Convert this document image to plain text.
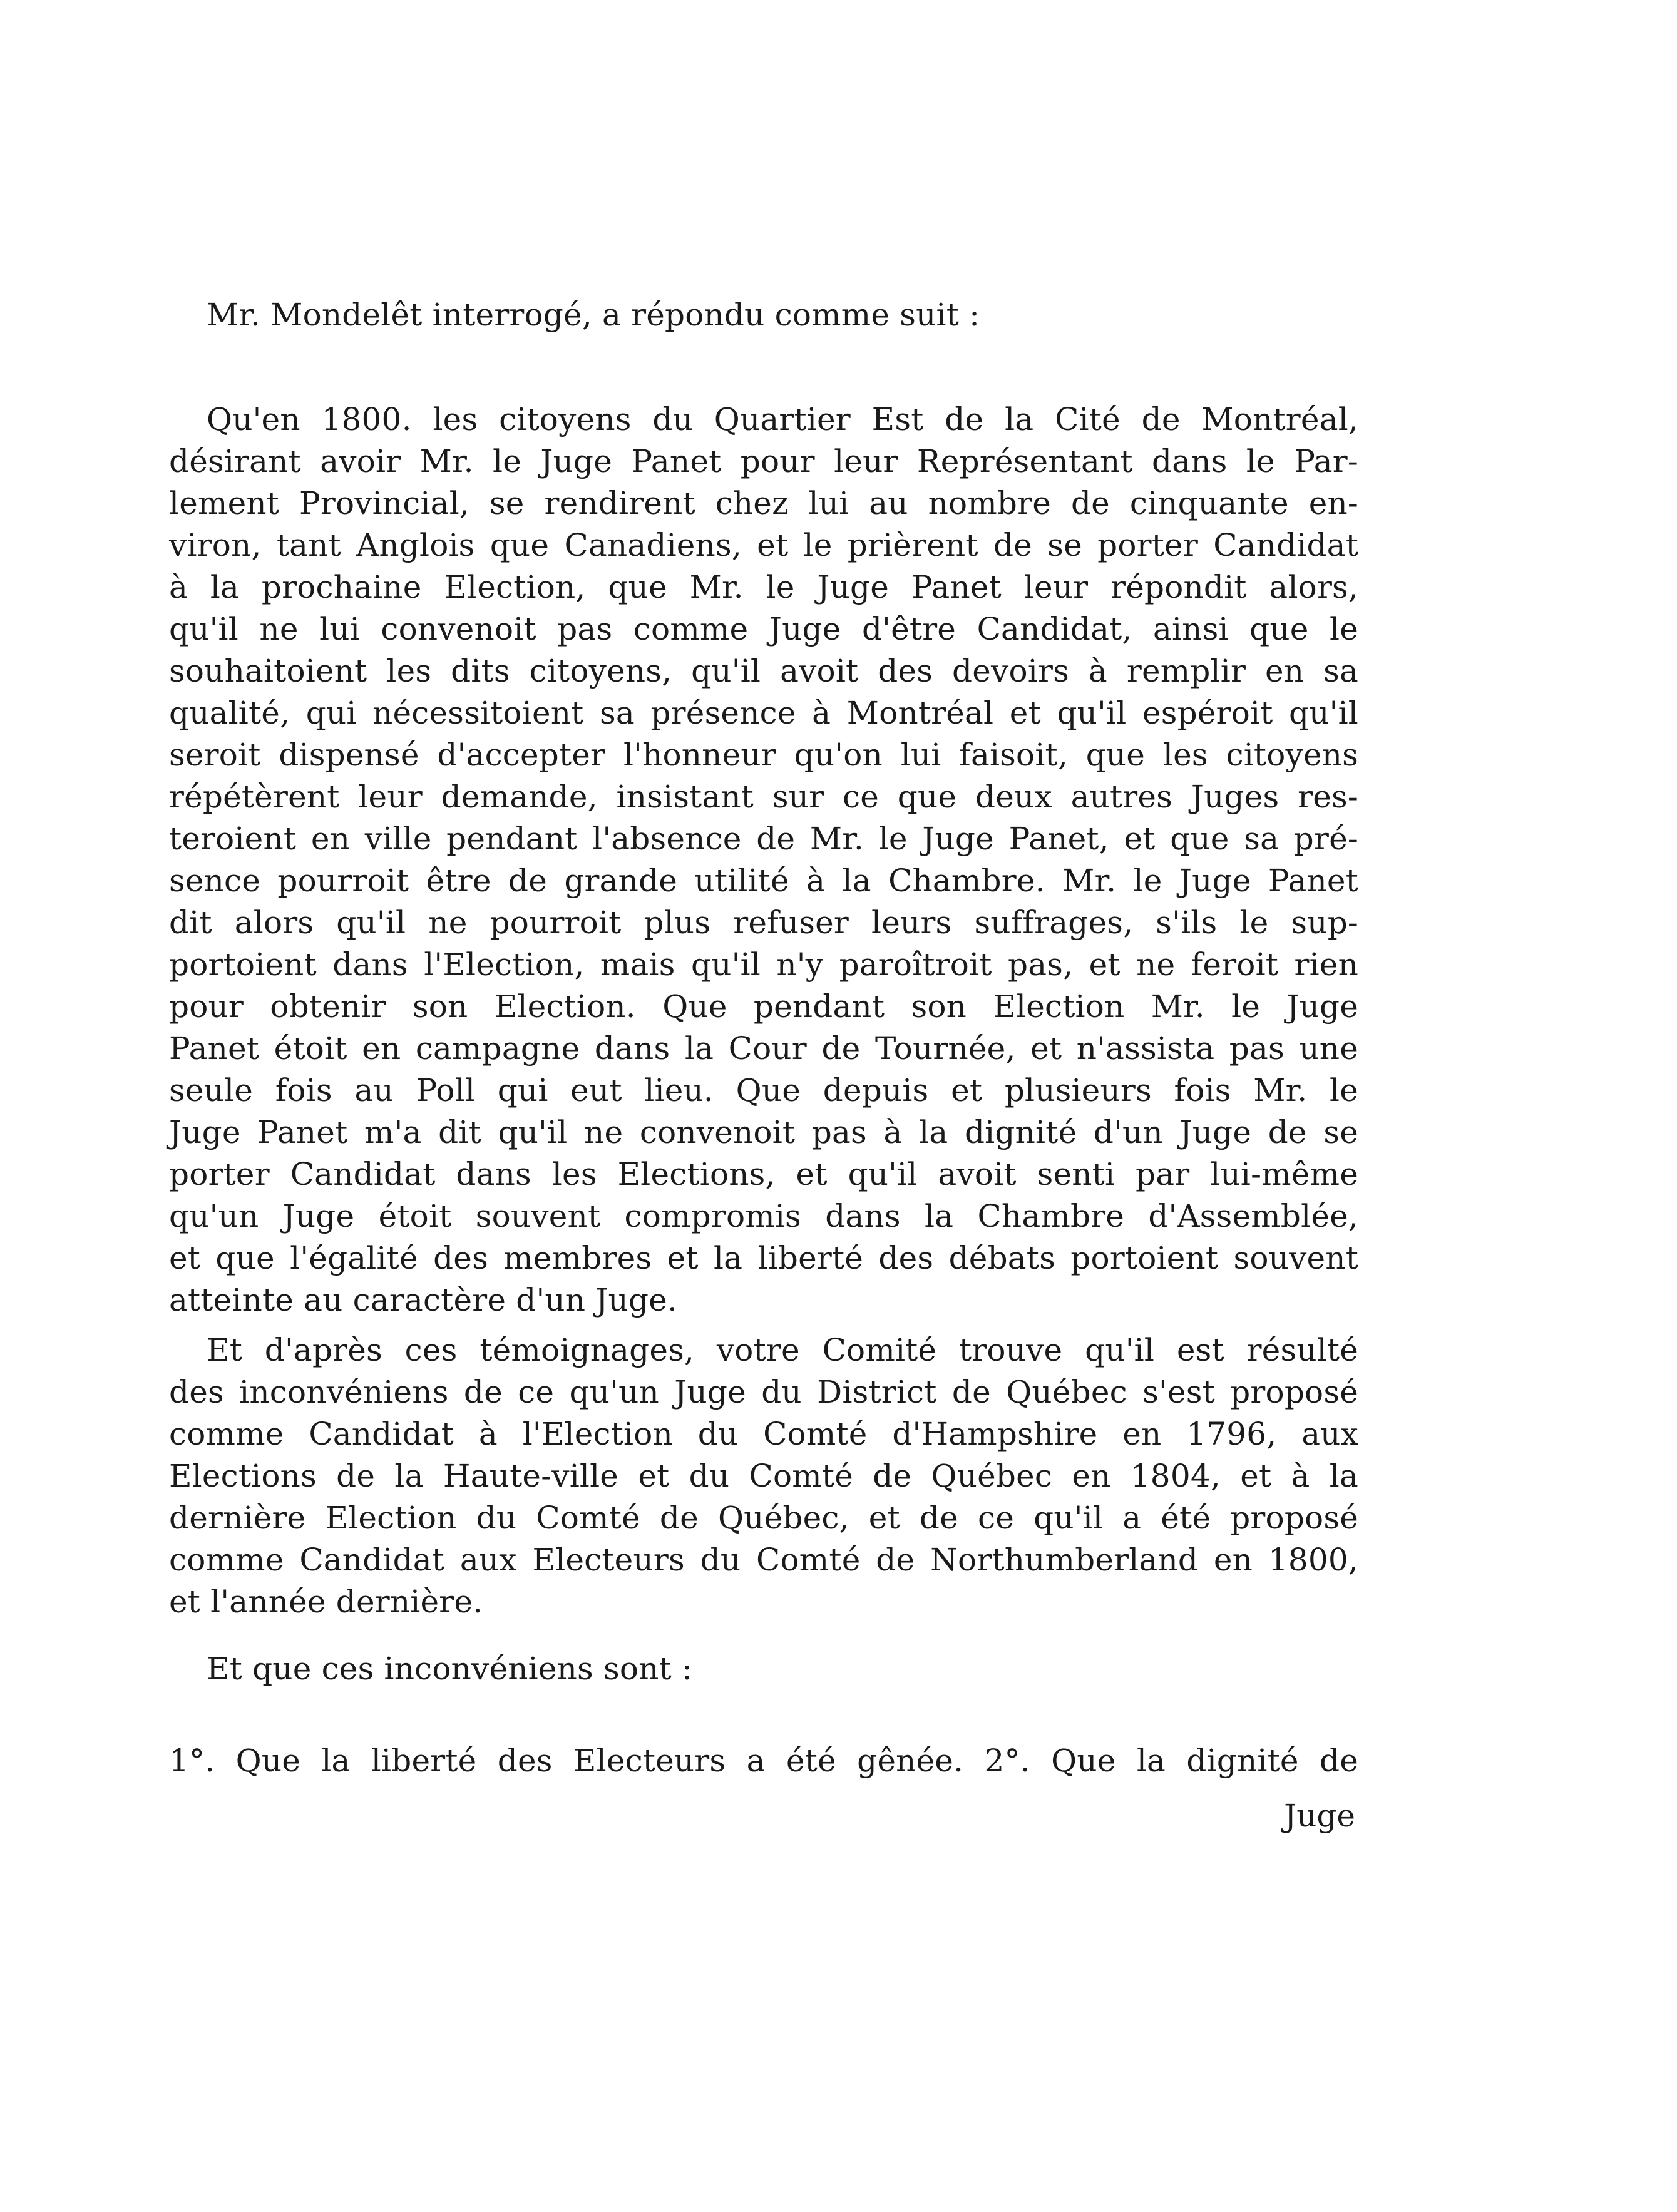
Mr. Mondelêt interrogé, a répondu comme suit :
Qu'en 1800. les citoyens du Quartier Est de la Cité de Montréal,
désirant avoir Mr. le Juge Panet pour leur Représentant dans le Par-
lement Provincial, se rendirent chez lui au nombre de cinquante en-
viron, tant Anglois que Canadiens, et le prièrent de se porter Candidat
à la prochaine Election, que Mr. le Juge Panet leur répondit alors,
qu'il ne lui convenoit pas comme Juge d'être Candidat, ainsi que le
souhaitoient les dits citoyens, qu'il avoit des devoirs à remplir en sa
qualité, qui nécessitoient sa présence à Montréal et qu'il espéroit qu'il
seroit dispensé d'accepter l'honneur qu'on lui faisoit, que les citoyens
répétèrent leur demande, insistant sur ce que deux autres Juges res-
teroient en ville pendant l'absence de Mr. le Juge Panet, et que sa pré-
sence pourroit être de grande utilité à la Chambre. Mr. le Juge Panet
dit alors qu'il ne pourroit plus refuser leurs suffrages, s'ils le sup-
portoient dans l'Election, mais qu'il n'y paroîtroit pas, et ne feroit rien
pour obtenir son Election. Que pendant son Election Mr. le Juge
Panet étoit en campagne dans la Cour de Tournée, et n'assista pas une
seule fois au Poll qui eut lieu. Que depuis et plusieurs fois Mr. le
Juge Panet m'a dit qu'il ne convenoit pas à la dignité d'un Juge de se
porter Candidat dans les Elections, et qu'il avoit senti par lui-même
qu'un Juge étoit souvent compromis dans la Chambre d'Assemblée,
et que l'égalité des membres et la liberté des débats portoient souvent
atteinte au caractère d'un Juge.
Et d'après ces témoignages, votre Comité trouve qu'il est résulté
des inconvéniens de ce qu'un Juge du District de Québec s'est proposé
comme Candidat à l'Election du Comté d'Hampshire en 1796, aux
Elections de la Haute-ville et du Comté de Québec en 1804, et à la
dernière Election du Comté de Québec, et de ce qu'il a été proposé
comme Candidat aux Electeurs du Comté de Northumberland en 1800,
et l'année dernière.
Et que ces inconvéniens sont :
1°. Que la liberté des Electeurs a été gênée. 2°. Que la dignité de
Juge
